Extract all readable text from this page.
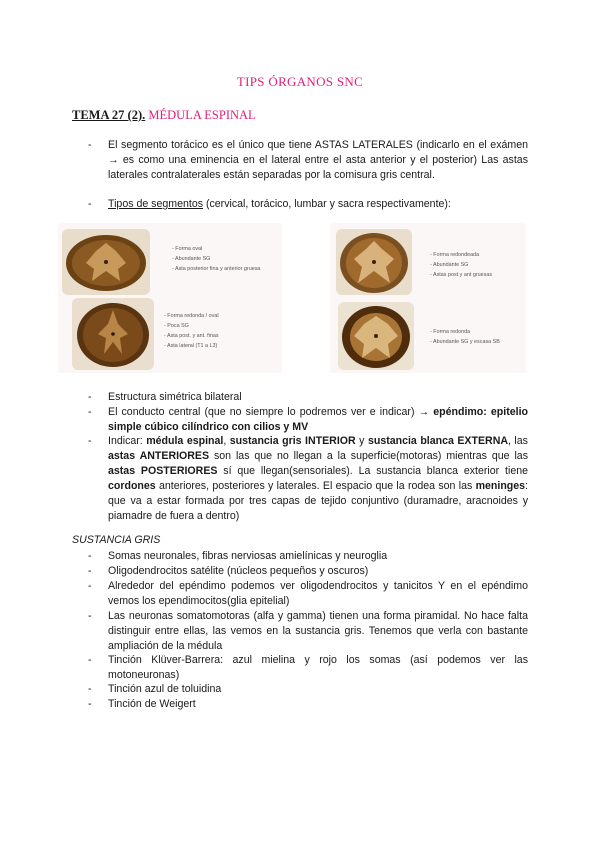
TIPS ÓRGANOS SNC
TEMA 27 (2). MÉDULA ESPINAL
- El segmento torácico es el único que tiene ASTAS LATERALES (indicarlo en el exámen → es como una eminencia en el lateral entre el asta anterior y el posterior) Las astas laterales contralaterales están separadas por la comisura gris central.
- Tipos de segmentos (cervical, torácico, lumbar y sacra respectivamente):
- Forma oval
- Abundante SG
- Asta posterior fina y anterior gruesa
- Forma redonda / oval
- Poca SG
- Asta post. y ant. finas
- Asta lateral (T1 a L3)
- Forma redondeada
- Abundante SG
- Astas post y ant gruesas
- Forma redonda
- Abundante SG y escasa SB
- Estructura simétrica bilateral
- El conducto central (que no siempre lo podremos ver e indicar) → epéndimo: epitelio simple cúbico cilíndrico con cilios y MV
- Indicar: médula espinal, sustancia gris INTERIOR y sustancia blanca EXTERNA, las astas ANTERIORES son las que no llegan a la superficie(motoras) mientras que las astas POSTERIORES sí que llegan(sensoriales). La sustancia blanca exterior tiene cordones anteriores, posteriores y laterales. El espacio que la rodea son las meninges: que va a estar formada por tres capas de tejido conjuntivo (duramadre, aracnoides y piamadre de fuera a dentro)
SUSTANCIA GRIS
- Somas neuronales, fibras nerviosas amielínicas y neuroglia
- Oligodendrocitos satélite (núcleos pequeños y oscuros)
- Alrededor del epéndimo podemos ver oligodendrocitos y tanicitos Y en el epéndimo vemos los ependimocitos(glia epitelial)
- Las neuronas somatomotoras (alfa y gamma) tienen una forma piramidal. No hace falta distinguir entre ellas, las vemos en la sustancia gris. Tenemos que verla con bastante ampliación de la médula
- Tinción Klüver-Barrera: azul mielina y rojo los somas (así podemos ver las motoneuronas)
- Tinción azul de toluidina
- Tinción de Weigert
